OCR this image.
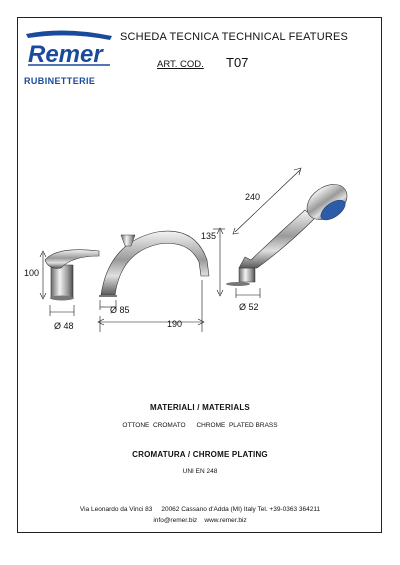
Remer
RUBINETTERIE
SCHEDA TECNICA TECHNICAL FEATURES
ART. COD. T07
100
Ø 48
135
Ø 85
190
240
Ø 52
MATERIALI / MATERIALS
OTTONE  CROMATO      CHROME  PLATED BRASS
CROMATURA / CHROME PLATING
UNI EN 248
Via Leonardo da Vinci 83     20062 Cassano d'Adda (MI) Italy Tel. +39-0363 364211
info@remer.biz    www.remer.biz
